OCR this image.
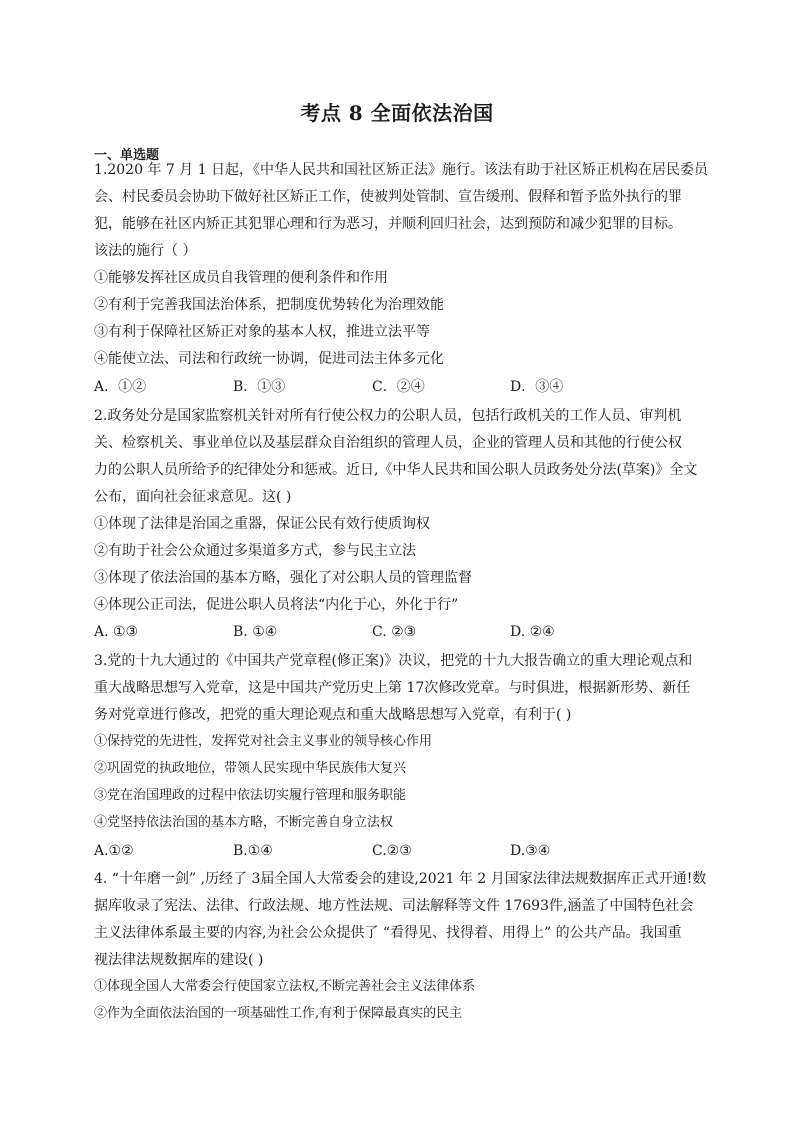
考点 8 全面依法治国
一、单选题
1.2020 年 7 月 1 日起，《中华人民共和国社区矫正法》施行。该法有助于社区矫正机构在居民委员
会、村民委员会协助下做好社区矫正工作，使被判处管制、宣告缓刑、假释和暂予监外执行的罪
犯，能够在社区内矫正其犯罪心理和行为恶习，并顺利回归社会，达到预防和减少犯罪的目标。
该法的施行（ ）
①能够发挥社区成员自我管理的便利条件和作用
②有利于完善我国法治体系，把制度优势转化为治理效能
③有利于保障社区矫正对象的基本人权，推进立法平等
④能使立法、司法和行政统一协调，促进司法主体多元化
A．①②	B．①③	C．②④	D．③④
2.政务处分是国家监察机关针对所有行使公权力的公职人员，包括行政机关的工作人员、审判机
关、检察机关、事业单位以及基层群众自治组织的管理人员，企业的管理人员和其他的行使公权
力的公职人员所给予的纪律处分和惩戒。近日,《中华人民共和国公职人员政务处分法(草案)》全文
公布，面向社会征求意见。这( )
①体现了法律是治国之重器，保证公民有效行使质询权
②有助于社会公众通过多渠道多方式，参与民主立法
③体现了依法治国的基本方略，强化了对公职人员的管理监督
④体现公正司法，促进公职人员将法“内化于心，外化于行”
A. ①③	B. ①④	C. ②③	D. ②④
3.党的十九大通过的《中国共产党章程(修正案)》决议，把党的十九大报告确立的重大理论观点和
重大战略思想写入党章，这是中国共产党历史上第 17次修改党章。与时俱进，根据新形势、新任
务对党章进行修改，把党的重大理论观点和重大战略思想写入党章，有利于( )
①保持党的先进性，发挥党对社会主义事业的领导核心作用
②巩固党的执政地位，带领人民实现中华民族伟大复兴
③党在治国理政的过程中依法切实履行管理和服务职能
④党坚持依法治国的基本方略，不断完善自身立法权
A.①②	B.①④	C.②③	D.③④
4. “十年磨一剑” ,历经了 3届全国人大常委会的建设,2021 年 2 月国家法律法规数据库正式开通!数
据库收录了宪法、法律、行政法规、地方性法规、司法解释等文件 17693件,涵盖了中国特色社会
主义法律体系最主要的内容,为社会公众提供了 “看得见、找得着、用得上” 的公共产品。我国重
视法律法规数据库的建设( )
①体现全国人大常委会行使国家立法权,不断完善社会主义法律体系
②作为全面依法治国的一项基础性工作,有利于保障最真实的民主
